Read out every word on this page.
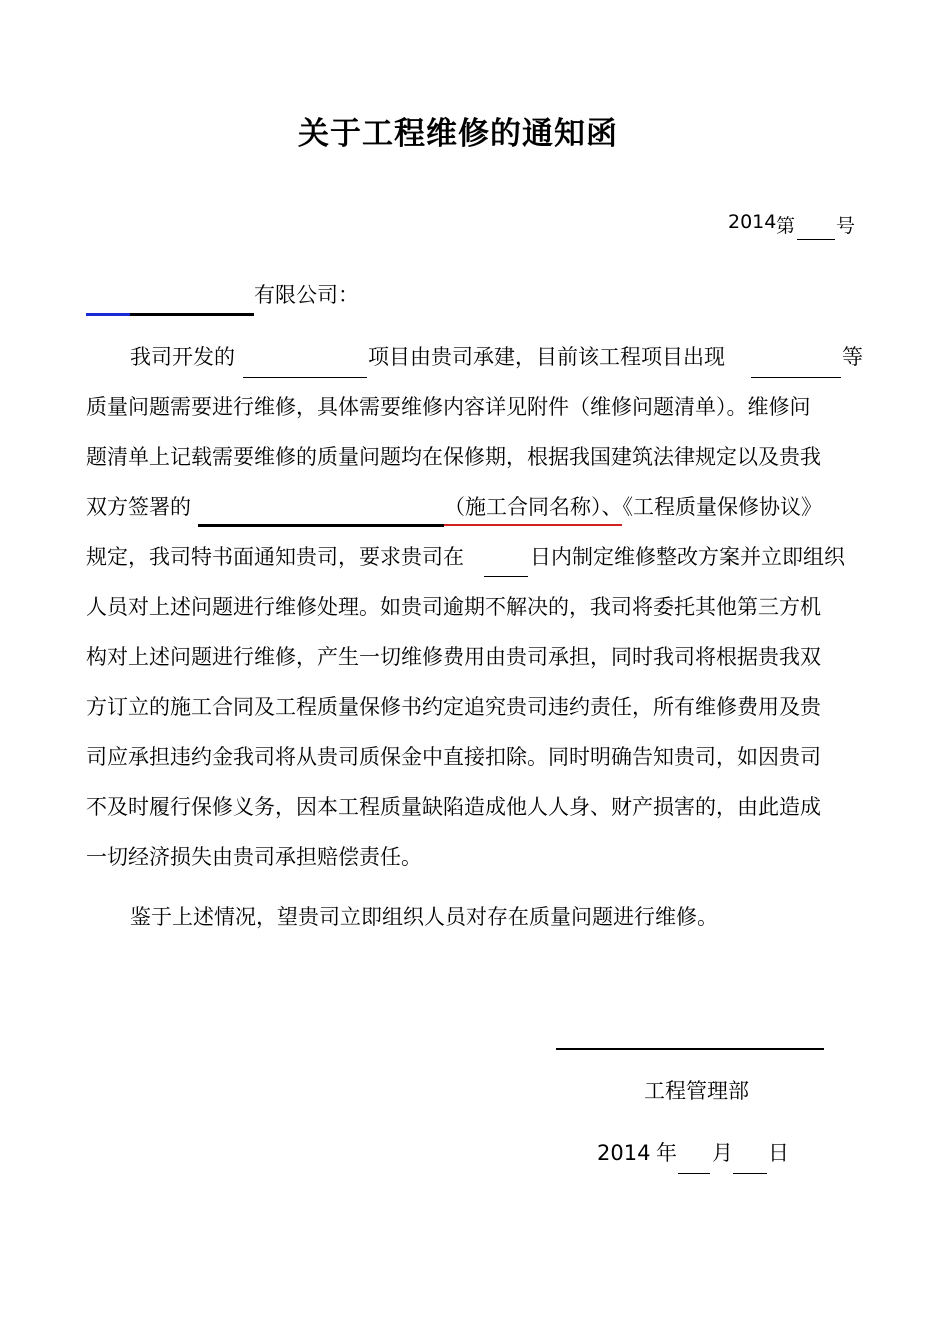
关于工程维修的通知函
2014 第 号
有限公司：
我司开发的	项目由贵司承建，目前该工程项目出现	等
质量问题需要进行维修，具体需要维修内容详见附件（维修问题清单）。维修问
题清单上记载需要维修的质量问题均在保修期，根据我国建筑法律规定以及贵我
双方签署的	（施工合同名称）、《工程质量保修协议》
规定，我司特书面通知贵司，要求贵司在	日内制定维修整改方案并立即组织
人员对上述问题进行维修处理。如贵司逾期不解决的，我司将委托其他第三方机
构对上述问题进行维修，产生一切维修费用由贵司承担，同时我司将根据贵我双
方订立的施工合同及工程质量保修书约定追究贵司违约责任，所有维修费用及贵
司应承担违约金我司将从贵司质保金中直接扣除。同时明确告知贵司，如因贵司
不及时履行保修义务，因本工程质量缺陷造成他人人身、财产损害的，由此造成
一切经济损失由贵司承担赔偿责任。
鉴于上述情况，望贵司立即组织人员对存在质量问题进行维修。
工程管理部
2014 年 月 日
